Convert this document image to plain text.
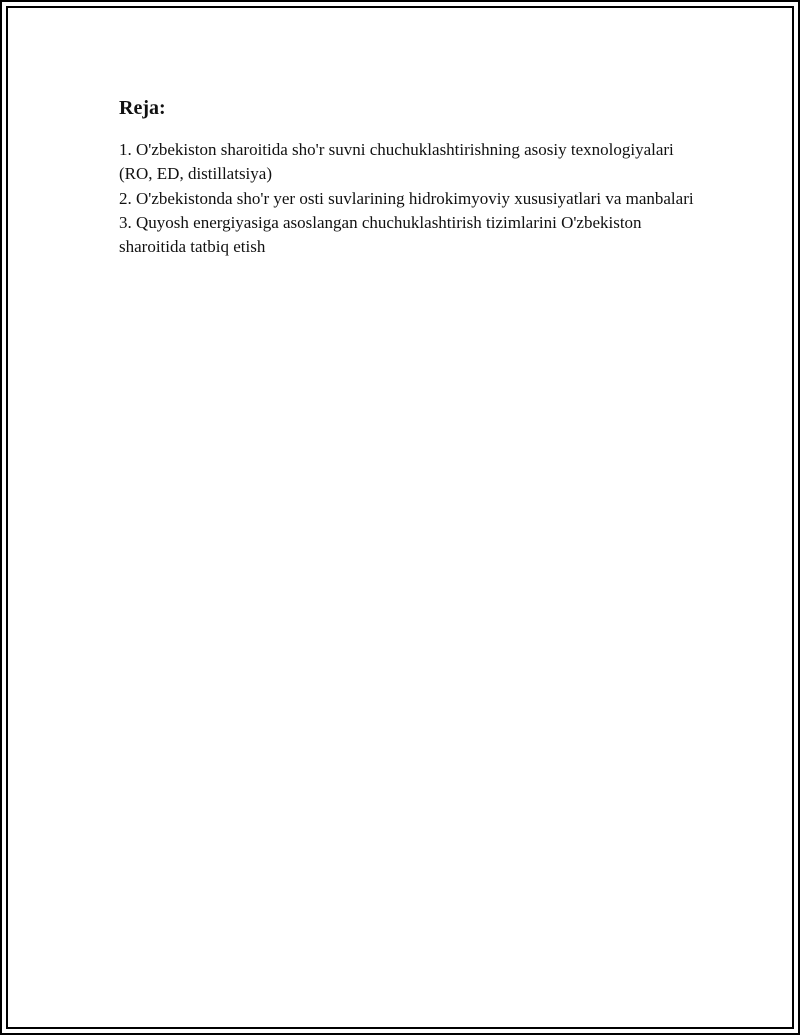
Reja:
1. O'zbekiston sharoitida sho'r suvni chuchuklashtirishning asosiy texnologiyalari (RO, ED, distillatsiya)
2. O'zbekistonda sho'r yer osti suvlarining hidrokimyoviy xususiyatlari va manbalari
3. Quyosh energiyasiga asoslangan chuchuklashtirish tizimlarini O'zbekiston sharoitida tatbiq etish
